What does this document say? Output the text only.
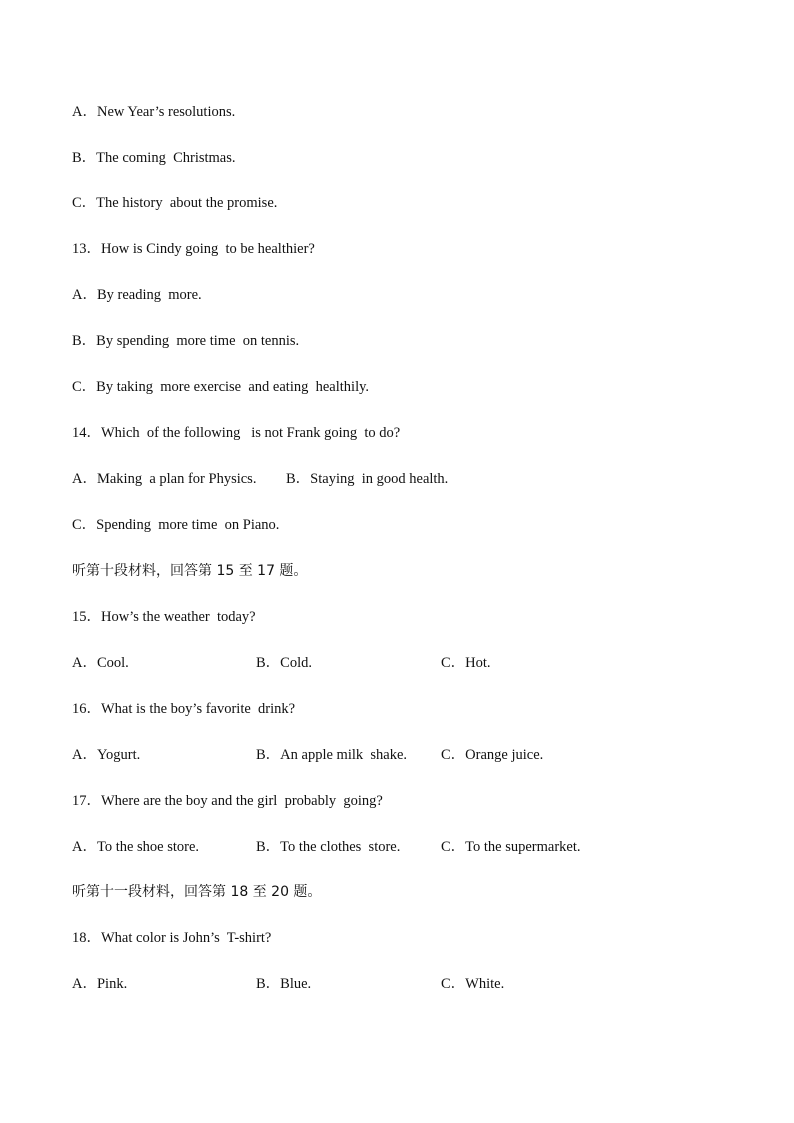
A．New Year’s resolutions.
B．The coming  Christmas.
C．The history  about the promise.
13．How is Cindy going  to be healthier?
A．By reading  more.
B．By spending  more time  on tennis.
C．By taking  more exercise  and eating  healthily.
14．Which  of the following   is not Frank going  to do?
A．Making  a plan for Physics. B．Staying  in good health.
C．Spending  more time  on Piano.
听第十段材料，回答第 15 至 17 题。
15．How’s the weather  today?
A．Cool.	B．Cold.	C．Hot.
16．What is the boy’s favorite  drink?
A．Yogurt.	B．An apple milk  shake. C．Orange juice.
17．Where are the boy and the girl  probably  going?
A．To the shoe store.	B．To the clothes  store.	C．To the supermarket.
听第十一段材料，回答第 18 至 20 题。
18．What color is John’s  T-shirt?
A．Pink.	B．Blue.	C．White.
